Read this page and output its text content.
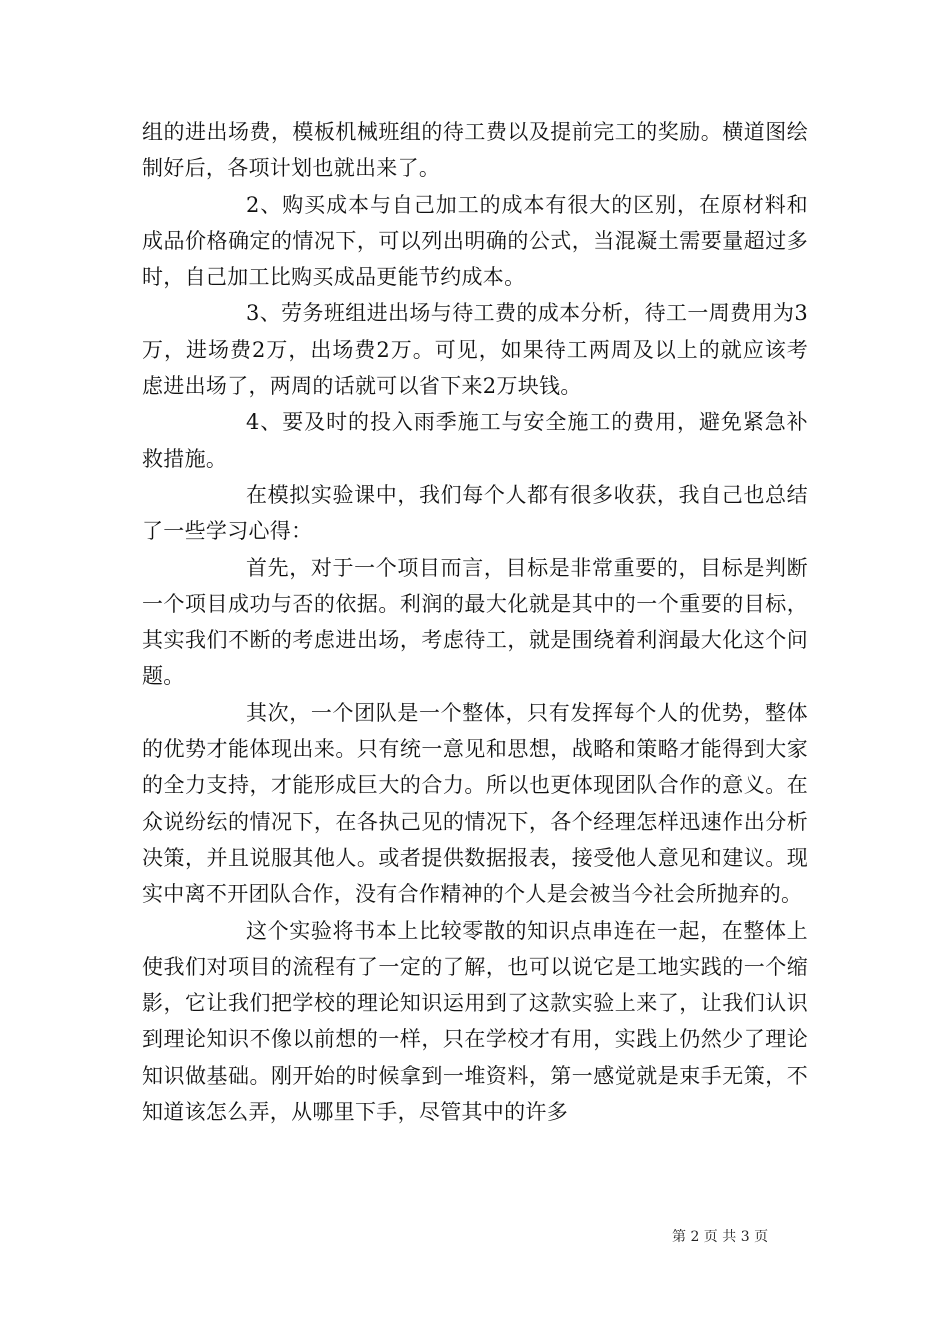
组的进出场费，模板机械班组的待工费以及提前完工的奖励。横道图绘制好后，各项计划也就出来了。

2、购买成本与自己加工的成本有很大的区别，在原材料和成品价格确定的情况下，可以列出明确的公式，当混凝土需要量超过多时，自己加工比购买成品更能节约成本。

3、劳务班组进出场与待工费的成本分析，待工一周费用为3万，进场费2万，出场费2万。可见，如果待工两周及以上的就应该考虑进出场了，两周的话就可以省下来2万块钱。

4、要及时的投入雨季施工与安全施工的费用，避免紧急补救措施。

在模拟实验课中，我们每个人都有很多收获，我自己也总结了一些学习心得：

首先，对于一个项目而言，目标是非常重要的，目标是判断一个项目成功与否的依据。利润的最大化就是其中的一个重要的目标，其实我们不断的考虑进出场，考虑待工，就是围绕着利润最大化这个问题。

其次，一个团队是一个整体，只有发挥每个人的优势，整体的优势才能体现出来。只有统一意见和思想，战略和策略才能得到大家的全力支持，才能形成巨大的合力。所以也更体现团队合作的意义。在众说纷纭的情况下，在各执己见的情况下，各个经理怎样迅速作出分析决策，并且说服其他人。或者提供数据报表，接受他人意见和建议。现实中离不开团队合作，没有合作精神的个人是会被当今社会所抛弃的。

这个实验将书本上比较零散的知识点串连在一起，在整体上使我们对项目的流程有了一定的了解，也可以说它是工地实践的一个缩影，它让我们把学校的理论知识运用到了这款实验上来了，让我们认识到理论知识不像以前想的一样，只在学校才有用，实践上仍然少了理论知识做基础。刚开始的时候拿到一堆资料，第一感觉就是束手无策，不知道该怎么弄，从哪里下手，尽管其中的许多

第 2 页 共 3 页
